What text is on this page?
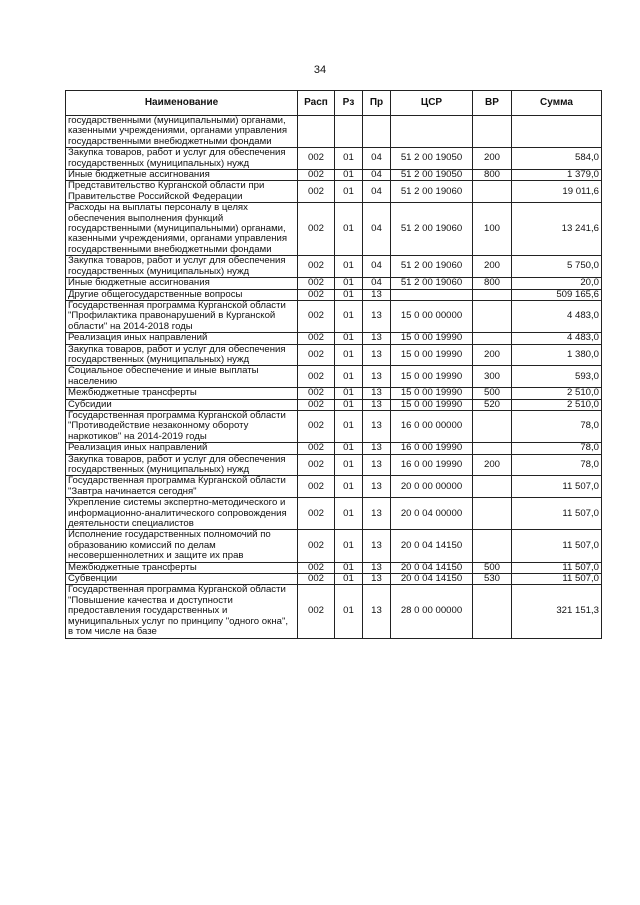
34
Наименование	Расп	Рз	Пр	ЦСР	ВР	Сумма
государственными (муниципальными) органами, казенными учреждениями, органами управления государственными внебюджетными фондами						
Закупка товаров, работ и услуг для обеспечения государственных (муниципальных) нужд	002	01	04	51 2 00 19050	200	584,0
Иные бюджетные ассигнования	002	01	04	51 2 00 19050	800	1 379,0
Представительство Курганской области при Правительстве Российской Федерации	002	01	04	51 2 00 19060		19 011,6
Расходы на выплаты персоналу в целях обеспечения выполнения функций государственными (муниципальными) органами, казенными учреждениями, органами управления государственными внебюджетными фондами	002	01	04	51 2 00 19060	100	13 241,6
Закупка товаров, работ и услуг для обеспечения государственных (муниципальных) нужд	002	01	04	51 2 00 19060	200	5 750,0
Иные бюджетные ассигнования	002	01	04	51 2 00 19060	800	20,0
Другие общегосударственные вопросы	002	01	13			509 165,6
Государственная программа Курганской области "Профилактика правонарушений в Курганской области" на 2014-2018 годы	002	01	13	15 0 00 00000		4 483,0
Реализация иных направлений	002	01	13	15 0 00 19990		4 483,0
Закупка товаров, работ и услуг для обеспечения государственных (муниципальных) нужд	002	01	13	15 0 00 19990	200	1 380,0
Социальное обеспечение и иные выплаты населению	002	01	13	15 0 00 19990	300	593,0
Межбюджетные трансферты	002	01	13	15 0 00 19990	500	2 510,0
Субсидии	002	01	13	15 0 00 19990	520	2 510,0
Государственная программа Курганской области "Противодействие незаконному обороту наркотиков" на 2014-2019 годы	002	01	13	16 0 00 00000		78,0
Реализация иных направлений	002	01	13	16 0 00 19990		78,0
Закупка товаров, работ и услуг для обеспечения государственных (муниципальных) нужд	002	01	13	16 0 00 19990	200	78,0
Государственная программа Курганской области "Завтра начинается сегодня"	002	01	13	20 0 00 00000		11 507,0
Укрепление системы экспертно-методического и информационно-аналитического сопровождения деятельности специалистов	002	01	13	20 0 04 00000		11 507,0
Исполнение государственных полномочий по образованию комиссий по делам несовершеннолетних и защите их прав	002	01	13	20 0 04 14150		11 507,0
Межбюджетные трансферты	002	01	13	20 0 04 14150	500	11 507,0
Субвенции	002	01	13	20 0 04 14150	530	11 507,0
Государственная программа Курганской области "Повышение качества и доступности предоставления государственных и муниципальных услуг по принципу "одного окна", в том числе на базе	002	01	13	28 0 00 00000		321 151,3
